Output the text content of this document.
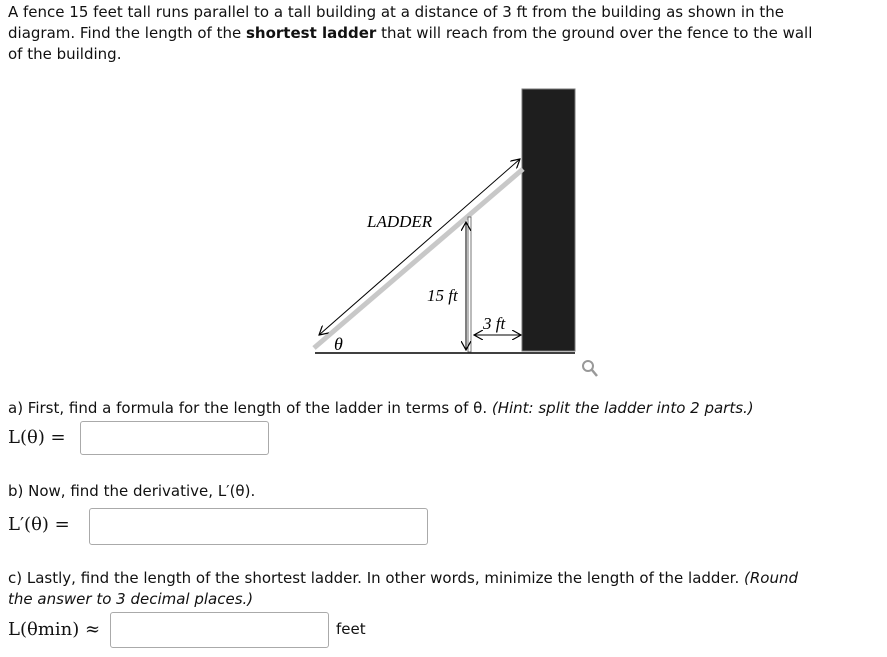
A fence 15 feet tall runs parallel to a tall building at a distance of 3 ft from the building as shown in the
diagram. Find the length of the shortest ladder that will reach from the ground over the fence to the wall
of the building.
LADDER
15 ft
3 ft
θ
a) First, find a formula for the length of the ladder in terms of θ. (Hint: split the ladder into 2 parts.)
L(θ) =
b) Now, find the derivative, L′(θ).
L′(θ) =
c) Lastly, find the length of the shortest ladder. In other words, minimize the length of the ladder. (Round
the answer to 3 decimal places.)
L(θmin) ≈	feet
